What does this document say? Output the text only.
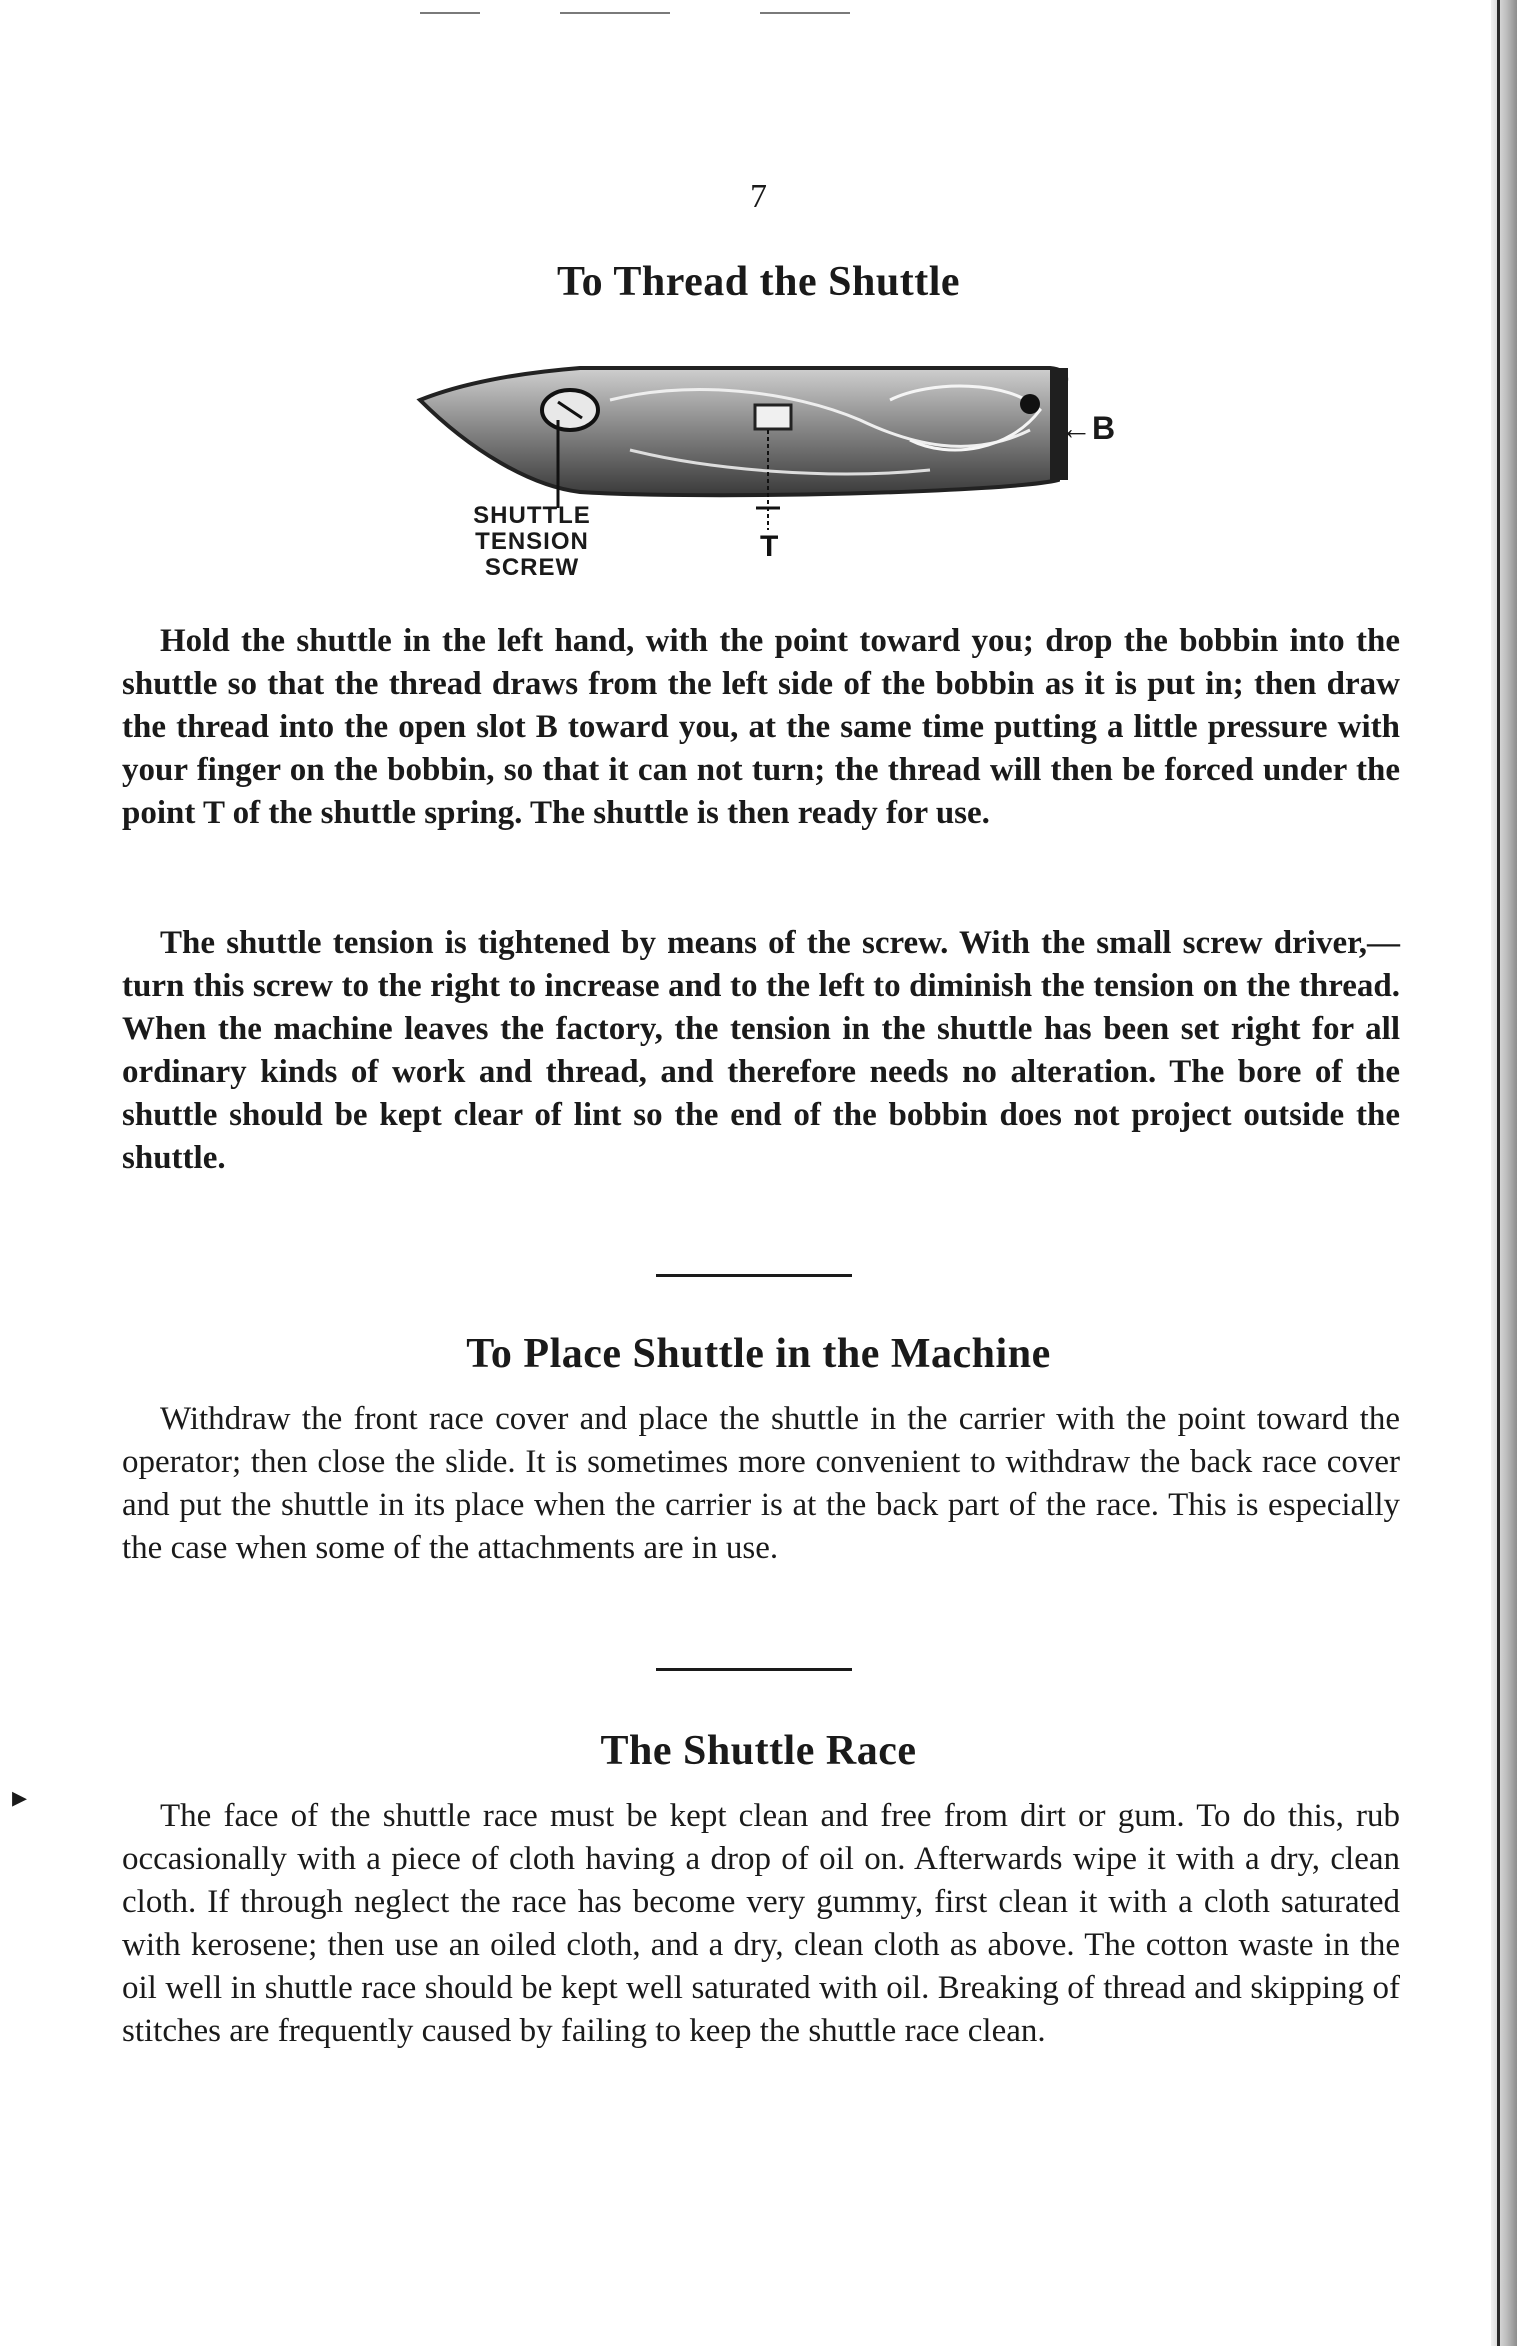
7
To Thread the Shuttle
T
←B
SHUTTLE
TENSION
SCREW
Hold the shuttle in the left hand, with the point toward you; drop the bobbin into the shuttle so that the thread draws from the left side of the bobbin as it is put in; then draw the thread into the open slot B toward you, at the same time putting a little pressure with your finger on the bobbin, so that it can not turn; the thread will then be forced under the point T of the shuttle spring. The shuttle is then ready for use.
The shuttle tension is tightened by means of the screw. With the small screw driver,—turn this screw to the right to increase and to the left to diminish the tension on the thread. When the machine leaves the factory, the tension in the shuttle has been set right for all ordinary kinds of work and thread, and therefore needs no alteration. The bore of the shuttle should be kept clear of lint so the end of the bobbin does not project outside the shuttle.
To Place Shuttle in the Machine
Withdraw the front race cover and place the shuttle in the carrier with the point toward the operator; then close the slide. It is sometimes more convenient to withdraw the back race cover and put the shuttle in its place when the carrier is at the back part of the race. This is especially the case when some of the attachments are in use.
▸
The Shuttle Race
The face of the shuttle race must be kept clean and free from dirt or gum. To do this, rub occasionally with a piece of cloth having a drop of oil on. Afterwards wipe it with a dry, clean cloth. If through neglect the race has become very gummy, first clean it with a cloth saturated with kerosene; then use an oiled cloth, and a dry, clean cloth as above. The cotton waste in the oil well in shuttle race should be kept well saturated with oil. Breaking of thread and skipping of stitches are frequently caused by failing to keep the shuttle race clean.
